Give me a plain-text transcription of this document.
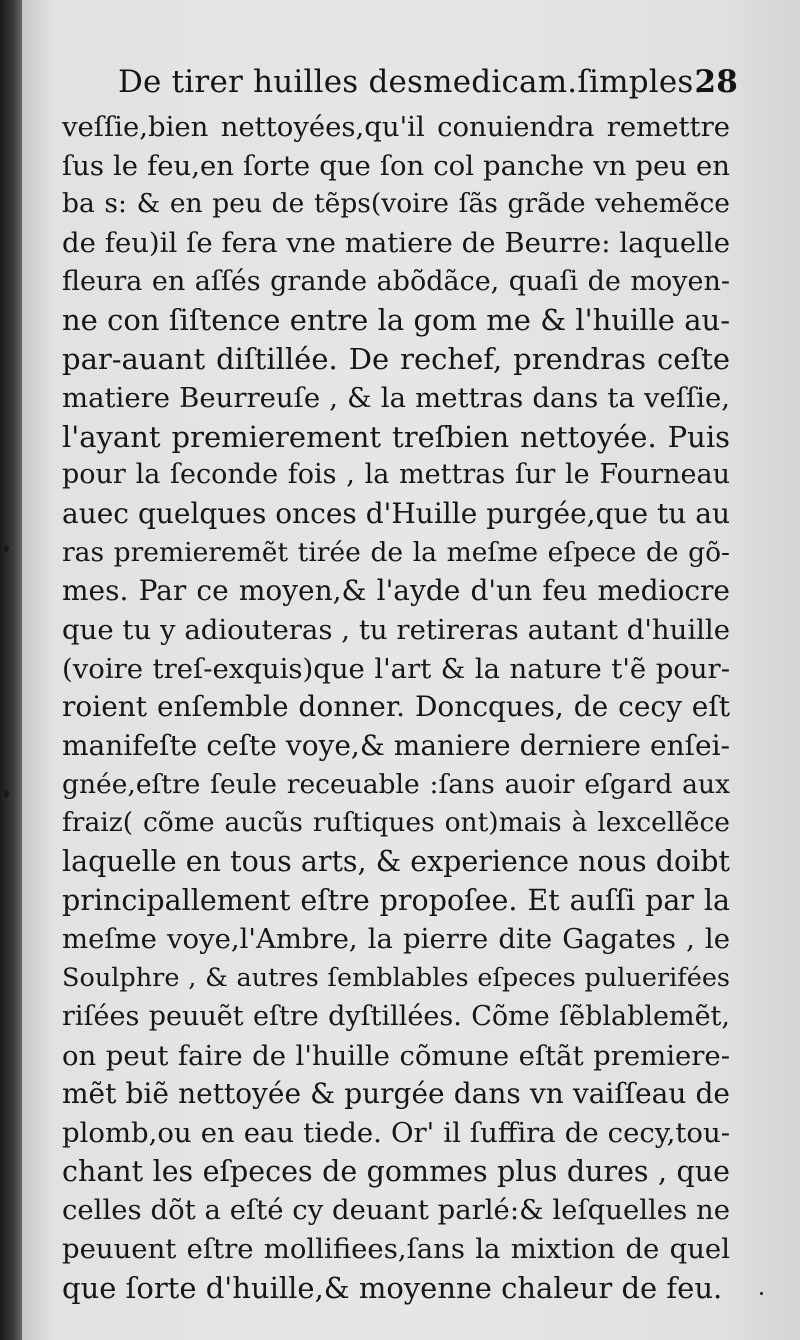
De tirer huilles desmedicam.ſimples.
28
veſſie,bien nettoyées,qu'il conuiendra remettre
ſus le feu,en ſorte que ſon col panche vn peu en
ba s: & en peu de tẽps(voire ſãs grãde vehemẽce
de feu)il ſe fera vne matiere de Beurre: laquelle
fleura en aſſés grande abõdãce, quaſi de moyen-
ne con ſiſtence entre la gom me & l'huille au-
par-auant diſtillée. De rechef, prendras ceſte
matiere Beurreuſe , & la mettras dans ta veſſie,
l'ayant premierement treſbien nettoyée. Puis
pour la ſeconde fois , la mettras ſur le Fourneau
auec quelques onces d'Huille purgée,que tu au
ras premieremẽt tirée de la meſme eſpece de gõ-
mes. Par ce moyen,& l'ayde d'un feu mediocre
que tu y adiouteras , tu retireras autant d'huille
(voire treſ-exquis)que l'art & la nature t'ẽ pour-
roient enſemble donner. Doncques, de cecy eſt
manifeſte ceſte voye,& maniere derniere enſei-
gnée,eſtre ſeule receuable :ſans auoir eſgard aux
fraiz( cõme aucũs ruſtiques ont)mais à lexcellẽce
laquelle en tous arts, & experience nous doibt
principallement eſtre propoſee. Et auſſi par la
meſme voye,l'Ambre, la pierre dite Gagates , le
Soulphre , & autres ſemblables eſpeces puluerifées
riſées peuuẽt eſtre dyſtillées. Cõme ſẽblablemẽt,
on peut faire de l'huille cõmune eſtãt premiere-
mẽt biẽ nettoyée & purgée dans vn vaiſſeau de
plomb,ou en eau tiede. Or' il ſuffira de cecy,tou-
chant les eſpeces de gommes plus dures , que
celles dõt a eſté cy deuant parlé:& leſquelles ne
peuuent eſtre mollifiees,ſans la mixtion de quel
que ſorte d'huille,& moyenne chaleur de feu.
